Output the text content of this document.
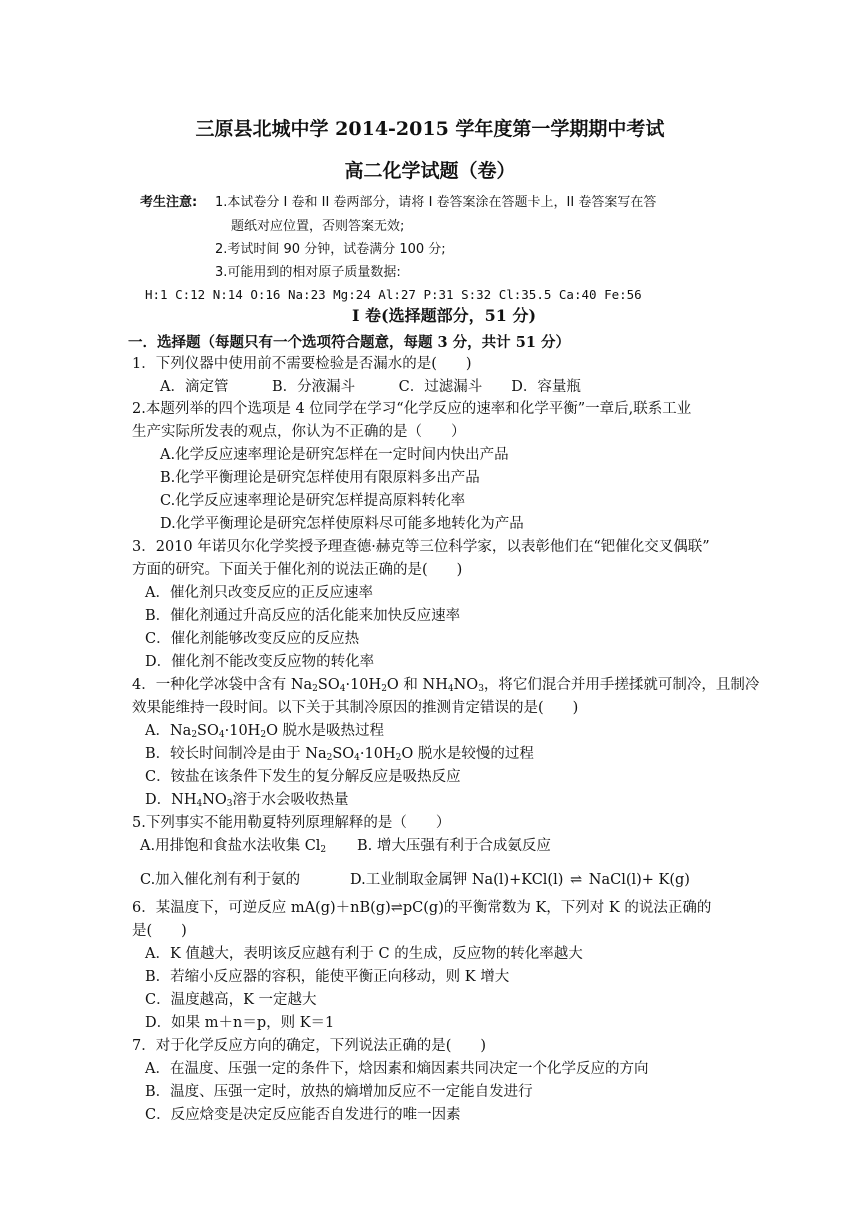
三原县北城中学 2014-2015 学年度第一学期期中考试
高二化学试题（卷）
考生注意: 1.本试卷分 I 卷和 II 卷两部分，请将 I 卷答案涂在答题卡上，II 卷答案写在答
题纸对应位置，否则答案无效;
2.考试时间 90 分钟，试卷满分 100 分;
3.可能用到的相对原子质量数据:
H:1 C:12 N:14 O:16 Na:23 Mg:24 Al:27 P:31 S:32 Cl:35.5 Ca:40 Fe:56
I 卷(选择题部分，51 分)
一．选择题（每题只有一个选项符合题意，每题 3 分，共计 51 分）
1．下列仪器中使用前不需要检验是否漏水的是(　　)
A．滴定管　　　B．分液漏斗　　　C．过滤漏斗　　D．容量瓶
2.本题列举的四个选项是 4 位同学在学习“化学反应的速率和化学平衡”一章后,联系工业
生产实际所发表的观点，你认为不正确的是（　　）
A.化学反应速率理论是研究怎样在一定时间内快出产品
B.化学平衡理论是研究怎样使用有限原料多出产品
C.化学反应速率理论是研究怎样提高原料转化率
D.化学平衡理论是研究怎样使原料尽可能多地转化为产品
3．2010 年诺贝尔化学奖授予理查德·赫克等三位科学家，以表彰他们在“钯催化交叉偶联”
方面的研究。下面关于催化剂的说法正确的是(　　)
A．催化剂只改变反应的正反应速率
B．催化剂通过升高反应的活化能来加快反应速率
C．催化剂能够改变反应的反应热
D．催化剂不能改变反应物的转化率
4．一种化学冰袋中含有 $Na_2SO_4\cdot 10H_2O$ 和 $NH_4NO_3$，将它们混合并用手搓揉就可制冷，且制冷
效果能维持一段时间。以下关于其制冷原因的推测肯定错误的是(　　)
A．$Na_2SO_4\cdot 10H_2O$ 脱水是吸热过程
B．较长时间制冷是由于 $Na_2SO_4\cdot 10H_2O$ 脱水是较慢的过程
C．铵盐在该条件下发生的复分解反应是吸热反应
D．$NH_4NO_3$溶于水会吸收热量
5.下列事实不能用勒夏特列原理解释的是（　　）
A.用排饱和食盐水法收集 $Cl_2$ B. 增大压强有利于合成氨反应
C.加入催化剂有利于氨的	D.工业制取金属钾 Na(l)+KCl(l) ⇌ NaCl(l)+ K(g)
6．某温度下，可逆反应 mA(g)＋nB(g)⇌pC(g)的平衡常数为 K，下列对 K 的说法正确的
是(　　)
A．K 值越大，表明该反应越有利于 C 的生成，反应物的转化率越大
B．若缩小反应器的容积，能使平衡正向移动，则 K 增大
C．温度越高，K 一定越大
D．如果 m＋n＝p，则 K＝1
7．对于化学反应方向的确定，下列说法正确的是(　　)
A．在温度、压强一定的条件下，焓因素和熵因素共同决定一个化学反应的方向
B．温度、压强一定时，放热的熵增加反应不一定能自发进行
C．反应焓变是决定反应能否自发进行的唯一因素
